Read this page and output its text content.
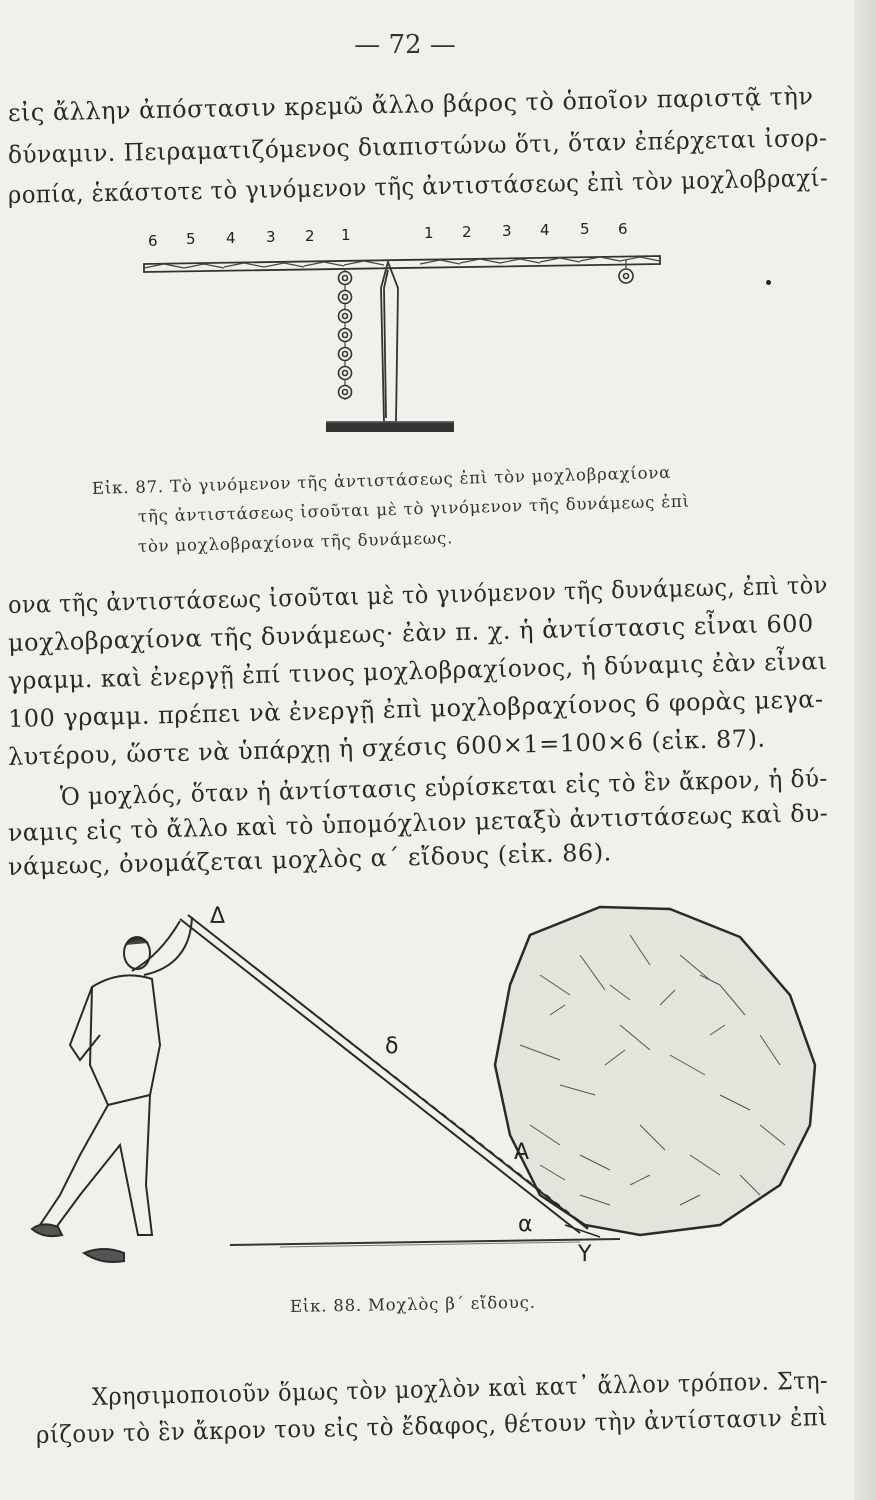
— 72 —
εἰς ἄλλην ἀπόστασιν κρεμῶ ἄλλο βάρος τὸ ὁποῖον παριστᾷ τὴν
δύναμιν. Πειραματιζόμενος διαπιστώνω ὅτι, ὅταν ἐπέρχεται ἰσορ-
ροπία, ἑκάστοτε τὸ γινόμενον τῆς ἀντιστάσεως ἐπὶ τὸν μοχλοβραχί-
6 5 4 3 2 1	1 2 3 4 5 6
Εἰκ. 87. Τὸ γινόμενον τῆς ἀντιστάσεως ἐπὶ τὸν μοχλοβραχίονα
τῆς ἀντιστάσεως ἰσοῦται μὲ τὸ γινόμενον τῆς δυνάμεως ἐπὶ
τὸν μοχλοβραχίονα τῆς δυνάμεως.
ονα τῆς ἀντιστάσεως ἰσοῦται μὲ τὸ γινόμενον τῆς δυνάμεως, ἐπὶ τὸν
μοχλοβραχίονα τῆς δυνάμεως· ἐὰν π. χ. ἡ ἀντίστασις εἶναι 600
γραμμ. καὶ ἐνεργῇ ἐπί τινος μοχλοβραχίονος, ἡ δύναμις ἐὰν εἶναι
100 γραμμ. πρέπει νὰ ἐνεργῇ ἐπὶ μοχλοβραχίονος 6 φορὰς μεγα-
λυτέρου, ὥστε νὰ ὑπάρχῃ ἡ σχέσις 600×1=100×6 (εἰκ. 87).
Ὁ μοχλός, ὅταν ἡ ἀντίστασις εὑρίσκεται εἰς τὸ ἓν ἄκρον, ἡ δύ-
ναμις εἰς τὸ ἄλλο καὶ τὸ ὑπομόχλιον μεταξὺ ἀντιστάσεως καὶ δυ-
νάμεως, ὀνομάζεται μοχλὸς α΄ εἴδους (εἰκ. 86).
Δ
δ
A
α
Y
Εἰκ. 88. Μοχλὸς β΄ εἴδους.
Χρησιμοποιοῦν ὅμως τὸν μοχλὸν καὶ κατ᾽ ἄλλον τρόπον. Στη-
ρίζουν τὸ ἓν ἄκρον του εἰς τὸ ἔδαφος, θέτουν τὴν ἀντίστασιν ἐπὶ
